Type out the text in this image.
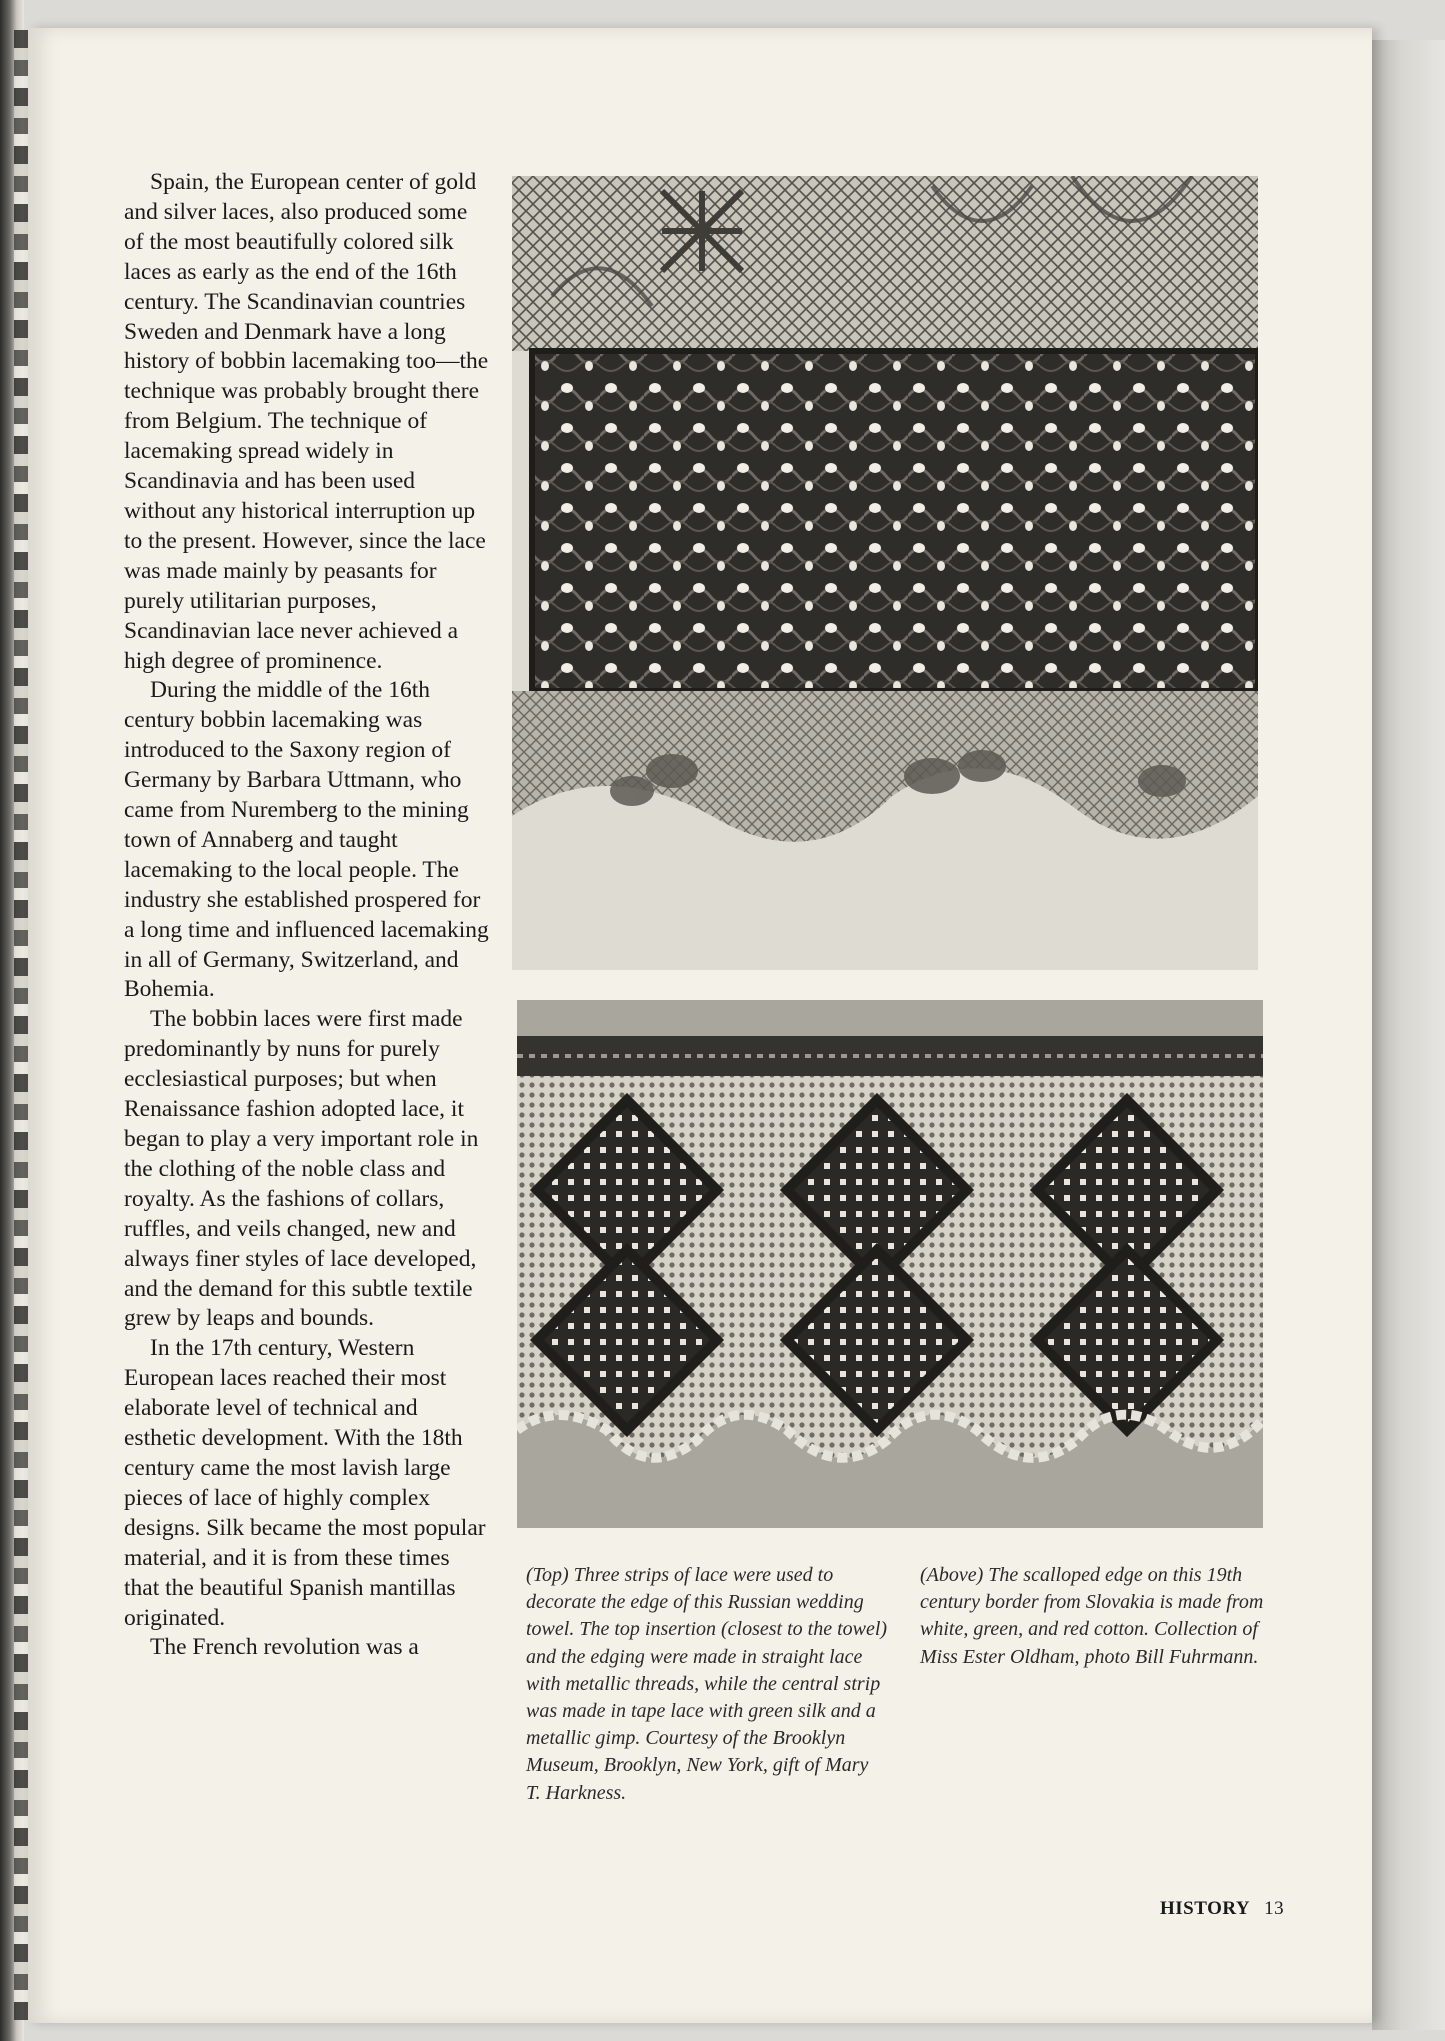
Spain, the European center of gold and silver laces, also produced some of the most beautifully colored silk laces as early as the end of the 16th century. The Scandinavian countries Sweden and Denmark have a long history of bobbin lacemaking too—the technique was probably brought there from Belgium. The technique of lacemaking spread widely in Scandinavia and has been used without any historical interruption up to the present. However, since the lace was made mainly by peasants for purely utilitarian purposes, Scandinavian lace never achieved a high degree of prominence.

During the middle of the 16th century bobbin lacemaking was introduced to the Saxony region of Germany by Barbara Uttmann, who came from Nuremberg to the mining town of Annaberg and taught lacemaking to the local people. The industry she established prospered for a long time and influenced lacemaking in all of Germany, Switzerland, and Bohemia.

The bobbin laces were first made predominantly by nuns for purely ecclesiastical purposes; but when Renaissance fashion adopted lace, it began to play a very important role in the clothing of the noble class and royalty. As the fashions of collars, ruffles, and veils changed, new and always finer styles of lace developed, and the demand for this subtle textile grew by leaps and bounds.

In the 17th century, Western European laces reached their most elaborate level of technical and esthetic development. With the 18th century came the most lavish large pieces of lace of highly complex designs. Silk became the most popular material, and it is from these times that the beautiful Spanish mantillas originated.

The French revolution was a

(Top) Three strips of lace were used to decorate the edge of this Russian wedding towel. The top insertion (closest to the towel) and the edging were made in straight lace with metallic threads, while the central strip was made in tape lace with green silk and a metallic gimp. Courtesy of the Brooklyn Museum, Brooklyn, New York, gift of Mary T. Harkness.
(Above) The scalloped edge on this 19th century border from Slovakia is made from white, green, and red cotton. Collection of Miss Ester Oldham, photo Bill Fuhrmann.
HISTORY 13
